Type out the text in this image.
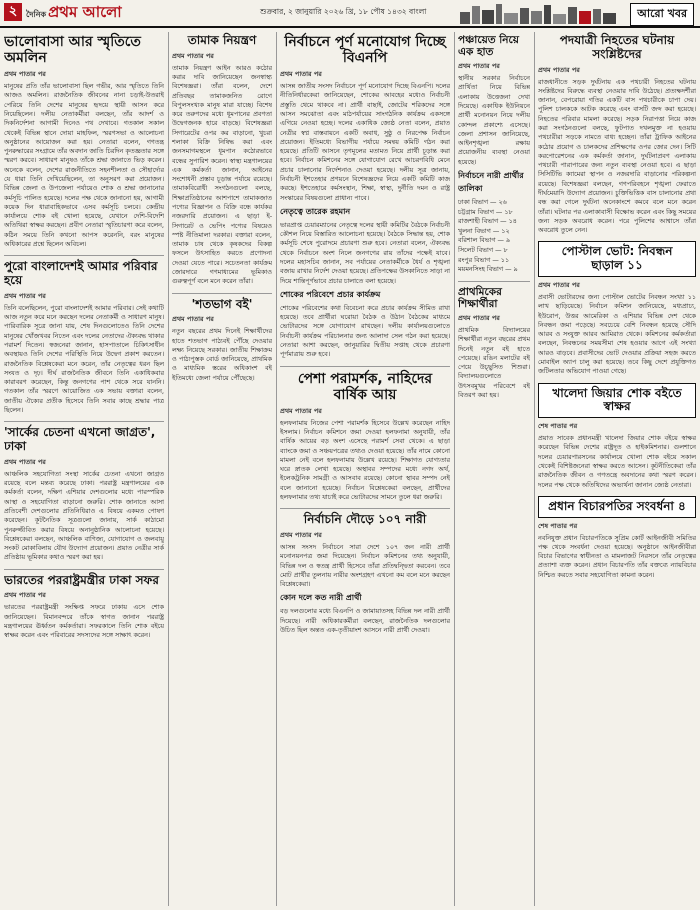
২	দৈনিক প্রথম আলো	শুক্রবার, ২ জানুয়ারি ২০২৬ খ্রি, ১৮ পৌষ ১৪৩২ বাংলা	আরো খবর
ভালোবাসা আর স্মৃতিতে অমলিন
প্রথম পাতার পর
মানুষের প্রতি তাঁর ভালোবাসা ছিল গভীর, আর স্মৃতিতে তিনি আজও অমলিন। রাজনৈতিক জীবনের নানা চড়াই-উতরাই পেরিয়ে তিনি দেশের মানুষের হৃদয়ে স্থায়ী আসন করে নিয়েছিলেন। দলীয় নেতাকর্মীরা বলছেন, তাঁর আদর্শ ও দিকনির্দেশনা আগামী দিনেও পথ দেখাবে। গতকাল সকাল থেকেই বিভিন্ন স্থানে দোয়া মাহফিল, স্মরণসভা ও আলোচনা অনুষ্ঠানের আয়োজন করা হয়। নেতারা বলেন, গণতন্ত্র পুনরুদ্ধারের সংগ্রামে তাঁর অবদান জাতি চিরদিন কৃতজ্ঞতার সঙ্গে স্মরণ করবে। সাধারণ মানুষও তাঁকে শ্রদ্ধা জানাতে ভিড় করেন। অনেকে বলেন, দেশের রাজনীতিতে সহনশীলতা ও সৌহার্দ্যের যে ধারা তিনি দেখিয়েছিলেন, তা অনুসরণ করা প্রয়োজন। বিভিন্ন জেলা ও উপজেলা পর্যায়েও শোক ও শ্রদ্ধা জানানোর কর্মসূচি পালিত হয়েছে। দলের পক্ষ থেকে জানানো হয়, আগামী কয়েক দিন ধারাবাহিকভাবে এসব কর্মসূচি চলবে। কেন্দ্রীয় কার্যালয়ে শোক বই খোলা হয়েছে, যেখানে দেশি-বিদেশি অতিথিরা স্বাক্ষর করছেন। প্রবীণ নেতারা স্মৃতিচারণা করে বলেন, কঠিন সময়ে তিনি কখনো আপস করেননি, বরং মানুষের অধিকারের প্রশ্নে ছিলেন অবিচল।
পুরো বাংলাদেশই আমার পরিবার হয়ে
প্রথম পাতার পর
তিনি বলেছিলেন, পুরো বাংলাদেশই আমার পরিবার। সেই কথাটি আজ নতুন করে মনে করছেন দলের নেতাকর্মী ও সাধারণ মানুষ। পারিবারিক সূত্রে জানা যায়, শেষ দিনগুলোতেও তিনি দেশের মানুষের খোঁজখবর নিতেন এবং দলের নেতাদের ঐক্যবদ্ধ থাকার পরামর্শ দিতেন। স্বজনেরা জানান, হাসপাতালে চিকিৎসাধীন অবস্থায়ও তিনি দেশের পরিস্থিতি নিয়ে উদ্বেগ প্রকাশ করতেন। রাজনৈতিক বিশ্লেষকেরা মনে করেন, তাঁর নেতৃত্বের ধরন ছিল সংযত ও দৃঢ়। দীর্ঘ রাজনৈতিক জীবনে তিনি একাধিকবার কারাবরণ করেছেন, কিন্তু জনগণের পাশ থেকে সরে যাননি। গতকাল তাঁর স্মরণে আয়োজিত এক সভায় বক্তারা বলেন, জাতীয় ঐক্যের প্রতীক হিসেবে তিনি সবার কাছে শ্রদ্ধার পাত্র ছিলেন।
'সার্কের চেতনা এখনো জাগ্রত', ঢাকা
প্রথম পাতার পর
আঞ্চলিক সহযোগিতা সংস্থা সার্কের চেতনা এখনো জাগ্রত রয়েছে বলে মন্তব্য করেছে ঢাকা। পররাষ্ট্র মন্ত্রণালয়ের এক কর্মকর্তা বলেন, দক্ষিণ এশিয়ার দেশগুলোর মধ্যে পারস্পরিক আস্থা ও সহযোগিতা বাড়ানো জরুরি। শোক জানাতে আসা প্রতিবেশী দেশগুলোর প্রতিনিধিরাও এ বিষয়ে একমত পোষণ করেছেন। কূটনৈতিক সূত্রগুলো জানায়, সার্ক কাঠামো পুনরুজ্জীবিত করার বিষয়ে অনানুষ্ঠানিক আলোচনা হয়েছে। বিশ্লেষকেরা বলছেন, আঞ্চলিক বাণিজ্য, যোগাযোগ ও জলবায়ু সংকট মোকাবিলায় যৌথ উদ্যোগ প্রয়োজন। প্রয়াত নেত্রীর সার্ক প্রতিষ্ঠায় ভূমিকার কথাও স্মরণ করা হয়।
ভারতের পররাষ্ট্রমন্ত্রীর ঢাকা সফর
প্রথম পাতার পর
ভারতের পররাষ্ট্রমন্ত্রী সংক্ষিপ্ত সফরে ঢাকায় এসে শোক জানিয়েছেন। বিমানবন্দরে তাঁকে স্বাগত জানান পররাষ্ট্র মন্ত্রণালয়ের ঊর্ধ্বতন কর্মকর্তারা। সফরকালে তিনি শোক বইয়ে স্বাক্ষর করেন এবং পরিবারের সদস্যদের সঙ্গে সাক্ষাৎ করেন।
তামাক নিয়ন্ত্রণ
প্রথম পাতার পর
তামাক নিয়ন্ত্রণ আইন আরও কঠোর করার দাবি জানিয়েছেন জনস্বাস্থ্য বিশেষজ্ঞরা। তাঁরা বলেন, দেশে প্রতিবছর তামাকজনিত রোগে বিপুলসংখ্যক মানুষ মারা যাচ্ছে। বিশেষ করে তরুণদের মধ্যে ধূমপানের প্রবণতা উদ্বেগজনক হারে বাড়ছে। বিশেষজ্ঞরা সিগারেটের ওপর কর বাড়ানো, খুচরা শলাকা বিক্রি নিষিদ্ধ করা এবং জনসমাগমস্থলে ধূমপান কঠোরভাবে বন্ধের সুপারিশ করেন। স্বাস্থ্য মন্ত্রণালয়ের এক কর্মকর্তা জানান, আইনের সংশোধনী প্রস্তাব চূড়ান্ত পর্যায়ে রয়েছে। তামাকবিরোধী সংগঠনগুলো বলছে, শিক্ষাপ্রতিষ্ঠানের আশপাশে তামাকজাত পণ্যের বিজ্ঞাপন ও বিক্রি বন্ধে কার্যকর নজরদারি প্রয়োজন। এ ছাড়া ই-সিগারেট ও ভেপিং পণ্যের বিষয়েও স্পষ্ট নীতিমালা দরকার। বক্তারা বলেন, তামাক চাষ থেকে কৃষকদের বিকল্প ফসলে উৎসাহিত করতে প্রণোদনা দেওয়া যেতে পারে। সচেতনতা কার্যক্রম জোরদারে গণমাধ্যমের ভূমিকাও গুরুত্বপূর্ণ বলে মনে করেন তাঁরা।
'শতভাগ বই'
প্রথম পাতার পর
নতুন বছরের প্রথম দিনেই শিক্ষার্থীদের হাতে শতভাগ পাঠ্যবই পৌঁছে দেওয়ার লক্ষ্য নিয়েছে সরকার। জাতীয় শিক্ষাক্রম ও পাঠ্যপুস্তক বোর্ড জানিয়েছে, প্রাথমিক ও মাধ্যমিক স্তরের অধিকাংশ বই ইতিমধ্যে জেলা পর্যায়ে পৌঁছেছে।
নির্বাচনে পূর্ণ মনোযোগ দিচ্ছে বিএনপি
প্রথম পাতার পর
আসন্ন জাতীয় সংসদ নির্বাচনে পূর্ণ মনোযোগ দিচ্ছে বিএনপি। দলের নীতিনির্ধারকেরা জানিয়েছেন, শোকের আবহের মধ্যেও নির্বাচনী প্রস্তুতি থেমে থাকবে না। প্রার্থী বাছাই, জোটের শরিকদের সঙ্গে আসন সমঝোতা এবং মাঠপর্যায়ের সাংগঠনিক কার্যক্রম একসঙ্গে এগিয়ে নেওয়া হচ্ছে। দলের একাধিক জ্যেষ্ঠ নেতা বলেন, প্রয়াত নেত্রীর স্বপ্ন বাস্তবায়নে একটি অবাধ, সুষ্ঠু ও নিরপেক্ষ নির্বাচন প্রয়োজন। ইতিমধ্যে বিভাগীয় পর্যায়ে সমন্বয় কমিটি গঠন করা হয়েছে। প্রতিটি আসনে তৃণমূলের মতামত নিয়ে প্রার্থী চূড়ান্ত করা হবে। নির্বাচন কমিশনের সঙ্গে যোগাযোগ রেখে আচরণবিধি মেনে প্রচার চালানোর নির্দেশনাও দেওয়া হয়েছে। দলীয় সূত্র জানায়, নির্বাচনী ইশতেহার প্রণয়নে বিশেষজ্ঞদের নিয়ে একটি কমিটি কাজ করছে। ইশতেহারে কর্মসংস্থান, শিক্ষা, স্বাস্থ্য, দুর্নীতি দমন ও রাষ্ট্র সংস্কারের বিষয়গুলো প্রাধান্য পাবে।
নেতৃত্বে তারেক রহমান
ভারপ্রাপ্ত চেয়ারম্যানের নেতৃত্বে দলের স্থায়ী কমিটির বৈঠকে নির্বাচনী কৌশল নিয়ে বিস্তারিত আলোচনা হয়েছে। বৈঠকে সিদ্ধান্ত হয়, শোক কর্মসূচি শেষে পুরোদমে প্রচারণা শুরু হবে। নেতারা বলেন, ঐক্যবদ্ধ থেকে নির্বাচনে অংশ নিলে জনগণের রায় তাঁদের পক্ষেই যাবে। দলের মহাসচিব জানান, সব পর্যায়ের নেতাকর্মীকে ধৈর্য ও শৃঙ্খলা বজায় রাখার নির্দেশ দেওয়া হয়েছে। প্রতিপক্ষের উসকানিতে সাড়া না দিয়ে শান্তিপূর্ণভাবে প্রচার চালাতে বলা হয়েছে।
শোকের পরিবেশে প্রচার কার্যক্রম
শোকের পরিবেশের কথা বিবেচনা করে প্রচার কার্যক্রম সীমিত রাখা হয়েছে। তবে প্রার্থীরা ঘরোয়া বৈঠক ও উঠান বৈঠকের মাধ্যমে ভোটারদের সঙ্গে যোগাযোগ রাখছেন। দলীয় কার্যালয়গুলোতে নির্বাচনী কার্যক্রম পরিচালনার জন্য আলাদা সেল গঠন করা হয়েছে। নেতারা আশা করছেন, জানুয়ারির দ্বিতীয় সপ্তাহ থেকে প্রচারণা পূর্ণমাত্রায় শুরু হবে।
পেশা পরামর্শক, নাহিদের বার্ষিক আয়
প্রথম পাতার পর
হলফনামায় নিজের পেশা পরামর্শক হিসেবে উল্লেখ করেছেন নাহিদ ইসলাম। নির্বাচন কমিশনে জমা দেওয়া হলফনামা অনুযায়ী, তাঁর বার্ষিক আয়ের বড় অংশ এসেছে পরামর্শ সেবা থেকে। এ ছাড়া ব্যাংকে জমা ও সঞ্চয়পত্রের তথ্যও দেওয়া হয়েছে। তাঁর নামে কোনো মামলা নেই বলে হলফনামায় উল্লেখ রয়েছে। শিক্ষাগত যোগ্যতার ঘরে স্নাতক লেখা হয়েছে। অস্থাবর সম্পদের মধ্যে নগদ অর্থ, ইলেকট্রনিক সামগ্রী ও আসবাব রয়েছে। কোনো স্থাবর সম্পদ নেই বলে জানানো হয়েছে। নির্বাচন বিশ্লেষকেরা বলছেন, প্রার্থীদের হলফনামার তথ্য যাচাই করে ভোটারদের সামনে তুলে ধরা জরুরি।
নির্বাচনি দৌড়ে ১০৭ নারী
প্রথম পাতার পর
আসন্ন সংসদ নির্বাচনে সারা দেশে ১০৭ জন নারী প্রার্থী মনোনয়নপত্র জমা দিয়েছেন। নির্বাচন কমিশনের তথ্য অনুযায়ী, বিভিন্ন দল ও স্বতন্ত্র প্রার্থী হিসেবে তাঁরা প্রতিদ্বন্দ্বিতা করবেন। তবে মোট প্রার্থীর তুলনায় নারীর অংশগ্রহণ এখনো কম বলে মনে করছেন বিশ্লেষকেরা।
কোন দলে কত নারী প্রার্থী
বড় দলগুলোর মধ্যে বিএনপি ও জামায়াতসহ বিভিন্ন দল নারী প্রার্থী দিয়েছে। নারী অধিকারকর্মীরা বলছেন, রাজনৈতিক দলগুলোর উচিত ছিল অন্তত এক-তৃতীয়াংশ আসনে নারী প্রার্থী দেওয়া।
পঞ্চায়েত নিয়ে এক হাত
প্রথম পাতার পর
স্থানীয় সরকার নির্বাচনে প্রার্থিতা নিয়ে বিভিন্ন এলাকায় উত্তেজনা দেখা দিয়েছে। একাধিক ইউনিয়নে প্রার্থী মনোনয়ন নিয়ে দলীয় কোন্দল প্রকাশ্যে এসেছে। জেলা প্রশাসন জানিয়েছে, আইনশৃঙ্খলা রক্ষায় প্রয়োজনীয় ব্যবস্থা নেওয়া হয়েছে।
নির্বাচনে নারী প্রার্থীর তালিকা
ঢাকা বিভাগ — ২৬
চট্টগ্রাম বিভাগ — ১৮
রাজশাহী বিভাগ — ১৪
খুলনা বিভাগ — ১২
বরিশাল বিভাগ — ৯
সিলেট বিভাগ — ৮
রংপুর বিভাগ — ১১
ময়মনসিংহ বিভাগ — ৯
প্রাথমিকের শিক্ষার্থীরা
প্রথম পাতার পর
প্রাথমিক বিদ্যালয়ের শিক্ষার্থীরা নতুন বছরের প্রথম দিনেই নতুন বই হাতে পেয়েছে। রঙিন মলাটের বই পেয়ে উচ্ছ্বসিত শিশুরা। বিদ্যালয়গুলোতে উৎসবমুখর পরিবেশে বই বিতরণ করা হয়।
পদযাত্রী নিহতের ঘটনায় সংশ্লিষ্টদের
প্রথম পাতার পর
রাজধানীতে সড়ক দুর্ঘটনায় এক পথচারী নিহতের ঘটনায় সংশ্লিষ্টদের বিরুদ্ধে ব্যবস্থা নেওয়ার দাবি উঠেছে। প্রত্যক্ষদর্শীরা জানান, বেপরোয়া গতির একটি বাস পথচারীকে চাপা দেয়। পুলিশ চালককে আটক করেছে এবং বাসটি জব্দ করা হয়েছে। নিহতের পরিবার মামলা করেছে। সড়ক নিরাপত্তা নিয়ে কাজ করা সংগঠনগুলো বলছে, ফুটপাত দখলমুক্ত না হওয়ায় পথচারীরা সড়কে নামতে বাধ্য হচ্ছেন। তাঁরা ট্রাফিক আইনের কঠোর প্রয়োগ ও চালকদের প্রশিক্ষণের ওপর জোর দেন। সিটি করপোরেশনের এক কর্মকর্তা জানান, দুর্ঘটনাপ্রবণ এলাকায় পথচারী পারাপারের জন্য নতুন ব্যবস্থা নেওয়া হবে। এ ছাড়া সিসিটিভি ক্যামেরা স্থাপন ও নজরদারি বাড়ানোর পরিকল্পনা রয়েছে। বিশেষজ্ঞরা বলছেন, গণপরিবহনে শৃঙ্খলা ফেরাতে দীর্ঘমেয়াদি উদ্যোগ প্রয়োজন। চুক্তিভিত্তিক বাস চালানোর প্রথা বন্ধ করা গেলে দুর্ঘটনা অনেকাংশে কমবে বলে মনে করেন তাঁরা। ঘটনার পর এলাকাবাসী বিক্ষোভ করেন এবং কিছু সময়ের জন্য সড়ক অবরোধ করেন। পরে পুলিশের আশ্বাসে তাঁরা অবরোধ তুলে নেন।
পোস্টাল ভোট: নিবন্ধন ছাড়াল ১১
প্রথম পাতার পর
প্রবাসী ভোটারদের জন্য পোস্টাল ভোটের নিবন্ধন সংখ্যা ১১ লাখ ছাড়িয়েছে। নির্বাচন কমিশন জানিয়েছে, মধ্যপ্রাচ্য, ইউরোপ, উত্তর আমেরিকা ও এশিয়ার বিভিন্ন দেশ থেকে নিবন্ধন জমা পড়েছে। সবচেয়ে বেশি নিবন্ধন হয়েছে সৌদি আরব ও সংযুক্ত আরব আমিরাত থেকে। কমিশনের কর্মকর্তারা বলছেন, নিবন্ধনের সময়সীমা শেষ হওয়ার আগে এই সংখ্যা আরও বাড়বে। প্রবাসীদের ভোট দেওয়ার প্রক্রিয়া সহজ করতে মোবাইল অ্যাপ চালু করা হয়েছে। তবে কিছু দেশে প্রযুক্তিগত জটিলতার অভিযোগ পাওয়া গেছে।
খালেদা জিয়ার শোক বইতে স্বাক্ষর
শেষ পাতার পর
প্রয়াত সাবেক প্রধানমন্ত্রী খালেদা জিয়ার শোক বইয়ে স্বাক্ষর করেছেন বিভিন্ন দেশের রাষ্ট্রদূত ও হাইকমিশনার। গুলশানে দলের চেয়ারপারসনের কার্যালয়ে খোলা শোক বইয়ে সকাল থেকেই বিশিষ্টজনেরা স্বাক্ষর করতে আসেন। কূটনীতিকেরা তাঁর রাজনৈতিক জীবন ও গণতন্ত্রে অবদানের কথা স্মরণ করেন। দলের পক্ষ থেকে অতিথিদের অভ্যর্থনা জানান জ্যেষ্ঠ নেতারা।
প্রধান বিচারপতির সংবর্ধনা ৪
শেষ পাতার পর
নবনিযুক্ত প্রধান বিচারপতিকে সুপ্রিম কোর্ট আইনজীবী সমিতির পক্ষ থেকে সংবর্ধনা দেওয়া হয়েছে। অনুষ্ঠানে আইনজীবীরা বিচার বিভাগের স্বাধীনতা ও মামলাজট নিরসনে তাঁর নেতৃত্বের প্রত্যাশা ব্যক্ত করেন। প্রধান বিচারপতি তাঁর বক্তব্যে ন্যায়বিচার নিশ্চিত করতে সবার সহযোগিতা কামনা করেন।
